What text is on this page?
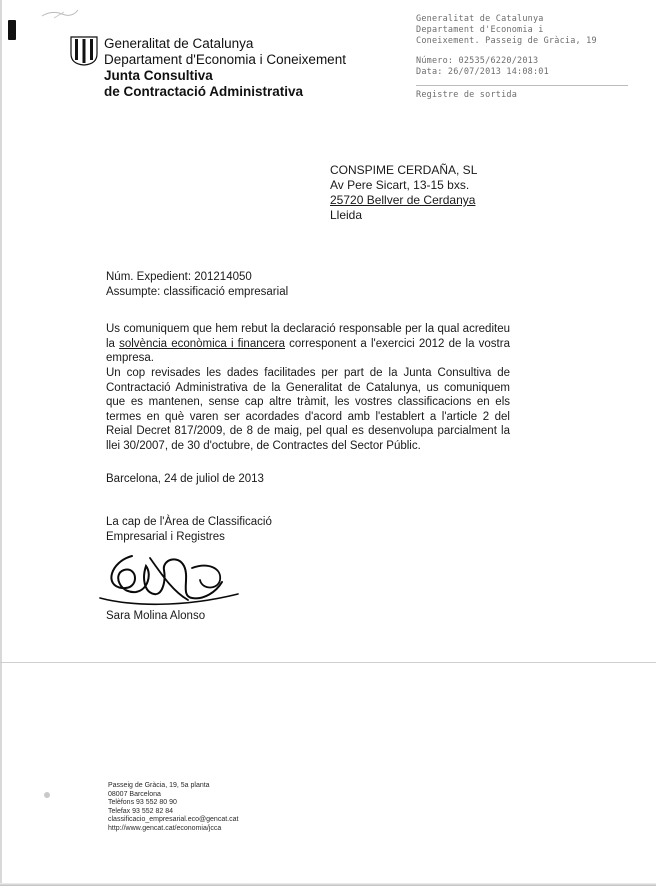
Generalitat de Catalunya
Departament d'Economia i Coneixement
Junta Consultiva
de Contractació Administrativa
Generalitat de Catalunya
Departament d'Economia i
Coneixement. Passeig de Gràcia, 19
Número: 02535/6220/2013
Data: 26/07/2013 14:08:01
Registre de sortida
CONSPIME CERDAÑA, SL
Av Pere Sicart, 13-15 bxs.
25720 Bellver de Cerdanya
Lleida
Núm. Expedient: 201214050
Assumpte: classificació empresarial
Us comuniquem que hem rebut la declaració responsable per la qual acrediteu la solvència econòmica i financera corresponent a l'exercici 2012 de la vostra empresa.
Un cop revisades les dades facilitades per part de la Junta Consultiva de Contractació Administrativa de la Generalitat de Catalunya, us comuniquem que es mantenen, sense cap altre tràmit, les vostres classificacions en els termes en què varen ser acordades d'acord amb l'establert a l'article 2 del Reial Decret 817/2009, de 8 de maig, pel qual es desenvolupa parcialment la llei 30/2007, de 30 d'octubre, de Contractes del Sector Públic.
Barcelona, 24 de juliol de 2013
La cap de l'Àrea de Classificació
Empresarial i Registres
Sara Molina Alonso
Passeig de Gràcia, 19, 5a planta
08007 Barcelona
Telèfons 93 552 80 90
Telefax 93 552 82 84
classificacio_empresarial.eco@gencat.cat
http://www.gencat.cat/economia/jcca
